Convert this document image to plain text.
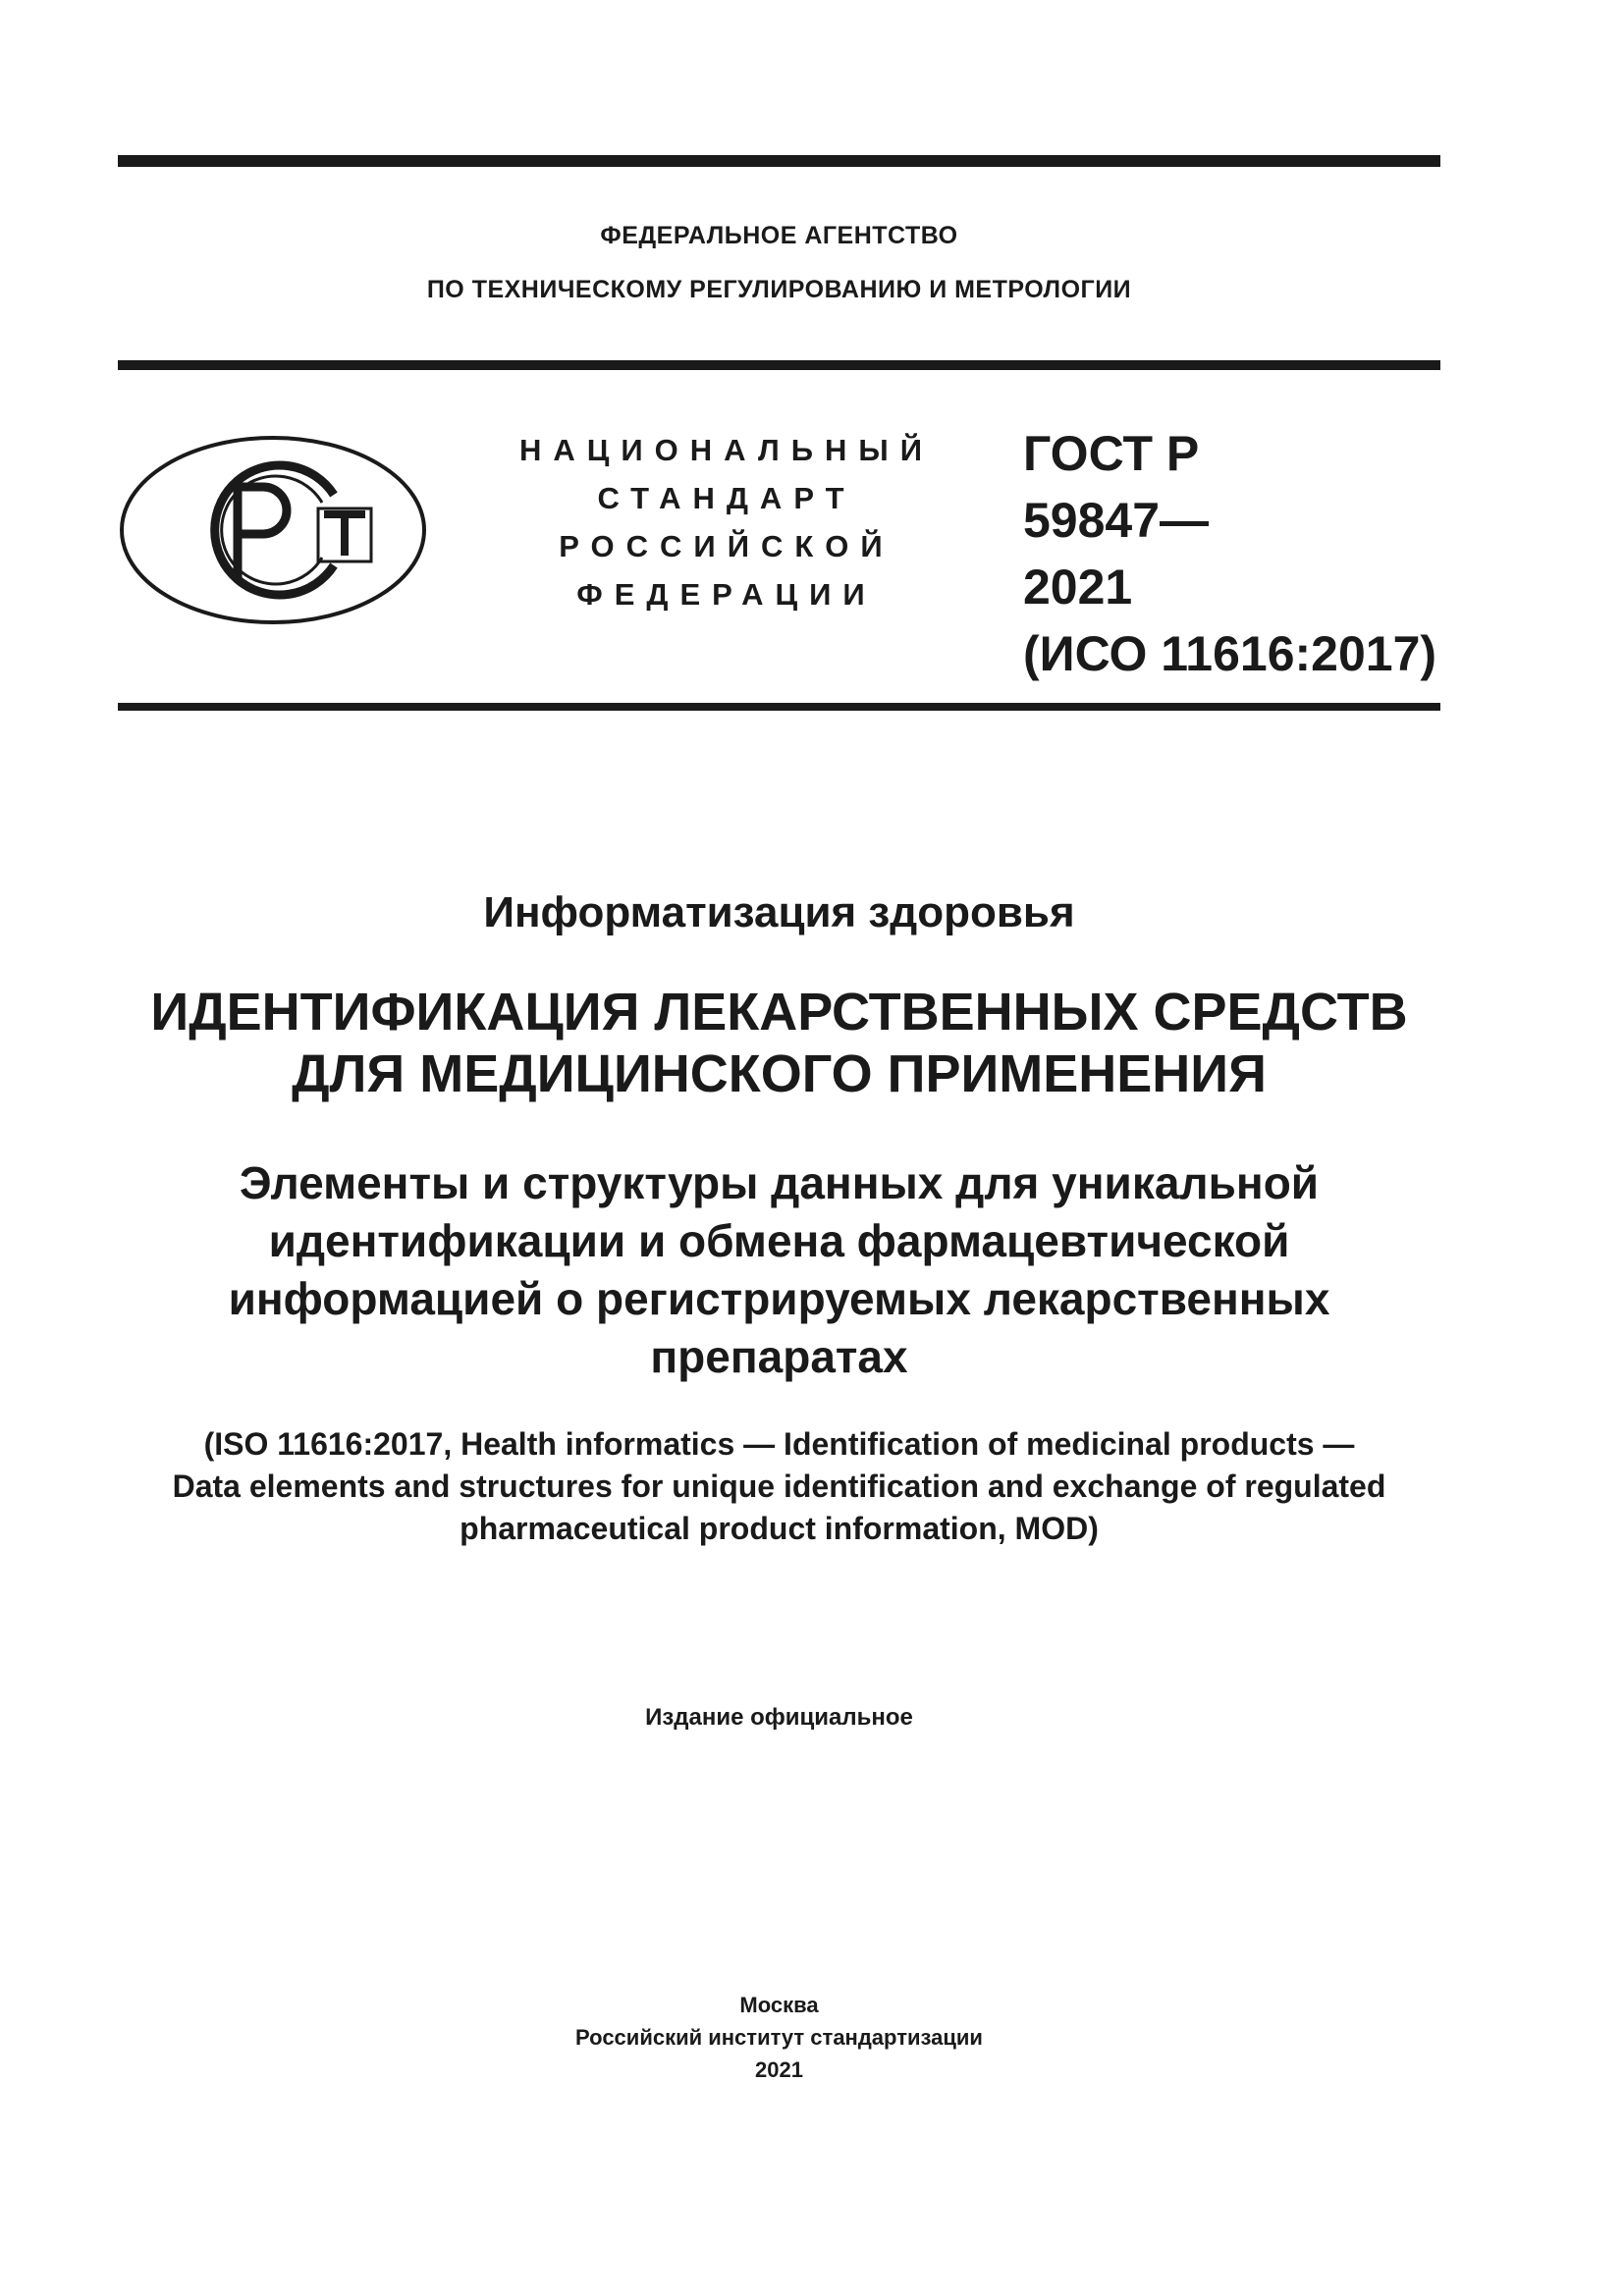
ФЕДЕРАЛЬНОЕ АГЕНТСТВО
ПО ТЕХНИЧЕСКОМУ РЕГУЛИРОВАНИЮ И МЕТРОЛОГИИ
НАЦИОНАЛЬНЫЙ
СТАНДАРТ
РОССИЙСКОЙ
ФЕДЕРАЦИИ
ГОСТ Р
59847—
2021
(ИСО 11616:2017)
Информатизация здоровья
ИДЕНТИФИКАЦИЯ ЛЕКАРСТВЕННЫХ СРЕДСТВ
ДЛЯ МЕДИЦИНСКОГО ПРИМЕНЕНИЯ
Элементы и структуры данных для уникальной
идентификации и обмена фармацевтической
информацией о регистрируемых лекарственных
препаратах
(ISO 11616:2017, Health informatics — Identification of medicinal products —
Data elements and structures for unique identification and exchange of regulated
pharmaceutical product information, MOD)
Издание официальное
Москва
Российский институт стандартизации
2021
